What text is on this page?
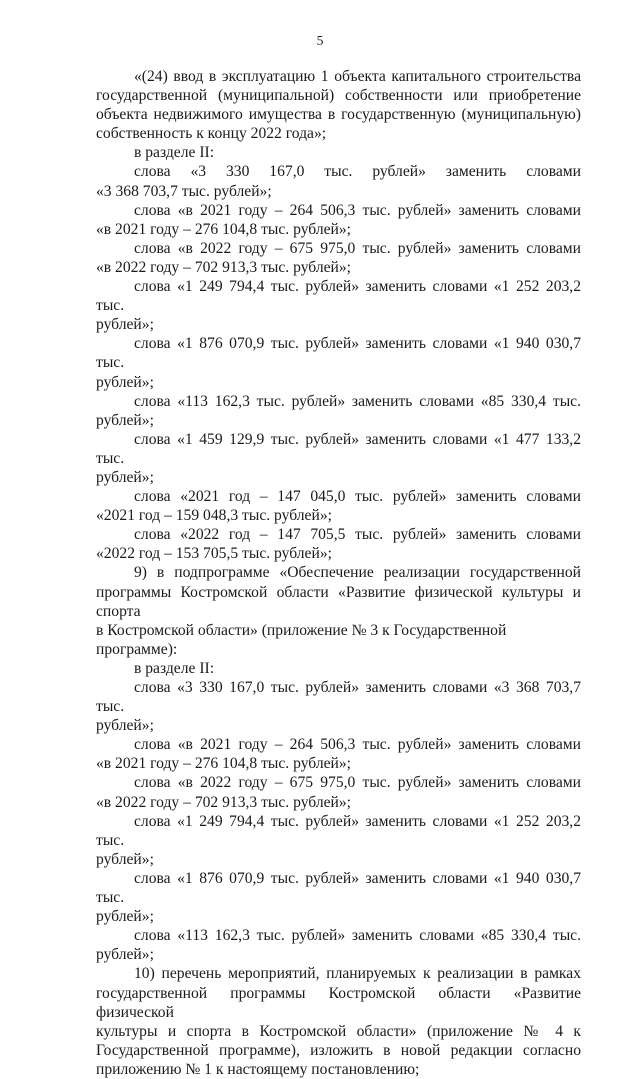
5

«(24) ввод в эксплуатацию 1 объекта капитального строительства

государственной (муниципальной) собственности или приобретение

объекта недвижимого имущества в государственную (муниципальную)

собственность к концу 2022 года»;

в разделе II:

слова «3 330 167,0 тыс. рублей» заменить словами

«3 368 703,7 тыс. рублей»;

слова «в 2021 году – 264 506,3 тыс. рублей» заменить словами

«в 2021 году – 276 104,8 тыс. рублей»;

слова «в 2022 году – 675 975,0 тыс. рублей» заменить словами

«в 2022 году – 702 913,3 тыс. рублей»;

слова «1 249 794,4 тыс. рублей» заменить словами «1 252 203,2 тыс.

рублей»;

слова «1 876 070,9 тыс. рублей» заменить словами «1 940 030,7 тыс.

рублей»;

слова «113 162,3 тыс. рублей» заменить словами «85 330,4 тыс.

рублей»;

слова «1 459 129,9 тыс. рублей» заменить словами «1 477 133,2 тыс.

рублей»;

слова «2021 год – 147 045,0 тыс. рублей» заменить словами

«2021 год – 159 048,3 тыс. рублей»;

слова «2022 год – 147 705,5 тыс. рублей» заменить словами

«2022 год – 153 705,5 тыс. рублей»;

9) в подпрограмме «Обеспечение реализации государственной

программы Костромской области «Развитие физической культуры и спорта

в Костромской области» (приложение № 3 к Государственной программе):

в разделе II:

слова «3 330 167,0 тыс. рублей» заменить словами «3 368 703,7 тыс.

рублей»;

слова «в 2021 году – 264 506,3 тыс. рублей» заменить словами

«в 2021 году – 276 104,8 тыс. рублей»;

слова «в 2022 году – 675 975,0 тыс. рублей» заменить словами

«в 2022 году – 702 913,3 тыс. рублей»;

слова «1 249 794,4 тыс. рублей» заменить словами «1 252 203,2 тыс.

рублей»;

слова «1 876 070,9 тыс. рублей» заменить словами «1 940 030,7 тыс.

рублей»;

слова «113 162,3 тыс. рублей» заменить словами «85 330,4 тыс.

рублей»;

10) перечень мероприятий, планируемых к реализации в рамках

государственной программы Костромской области «Развитие физической

культуры и спорта в Костромской области» (приложение № 4 к

Государственной программе), изложить в новой редакции согласно

приложению № 1 к настоящему постановлению;
